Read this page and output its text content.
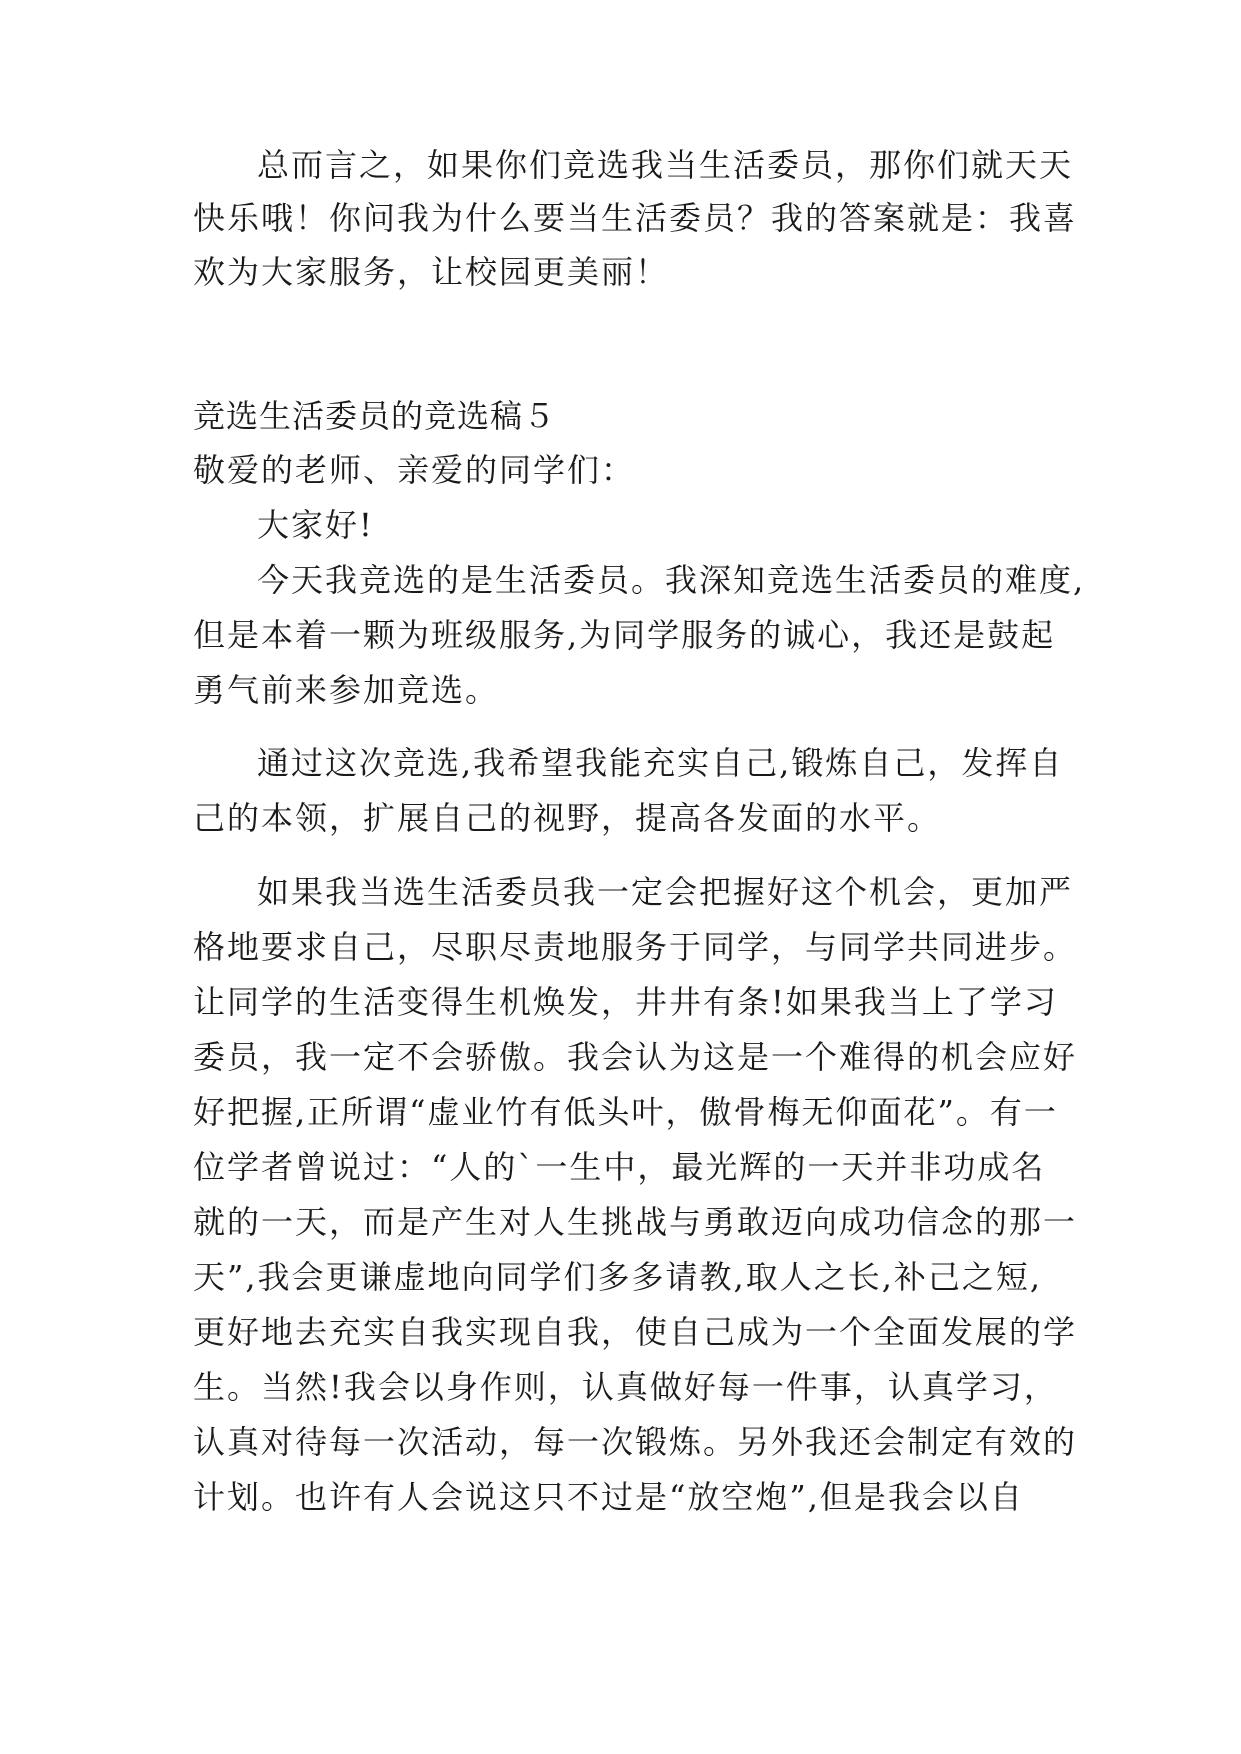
总而言之，如果你们竞选我当生活委员，那你们就天天
快乐哦！你问我为什么要当生活委员？我的答案就是：我喜
欢为大家服务，让校园更美丽！
竞选生活委员的竞选稿５
敬爱的老师、亲爱的同学们：
大家好!
今天我竞选的是生活委员。我深知竞选生活委员的难度,
但是本着一颗为班级服务,为同学服务的诚心，我还是鼓起
勇气前来参加竞选。
通过这次竞选,我希望我能充实自己,锻炼自己，发挥自
己的本领，扩展自己的视野，提高各发面的水平。
如果我当选生活委员我一定会把握好这个机会，更加严
格地要求自己，尽职尽责地服务于同学，与同学共同进步。
让同学的生活变得生机焕发，井井有条!如果我当上了学习
委员，我一定不会骄傲。我会认为这是一个难得的机会应好
好把握,正所谓“虚业竹有低头叶，傲骨梅无仰面花”。有一
位学者曾说过：“人的`一生中，最光辉的一天并非功成名
就的一天，而是产生对人生挑战与勇敢迈向成功信念的那一
天”,我会更谦虚地向同学们多多请教,取人之长,补己之短,
更好地去充实自我实现自我，使自己成为一个全面发展的学
生。当然!我会以身作则，认真做好每一件事，认真学习，
认真对待每一次活动，每一次锻炼。另外我还会制定有效的
计划。也许有人会说这只不过是“放空炮”,但是我会以自
